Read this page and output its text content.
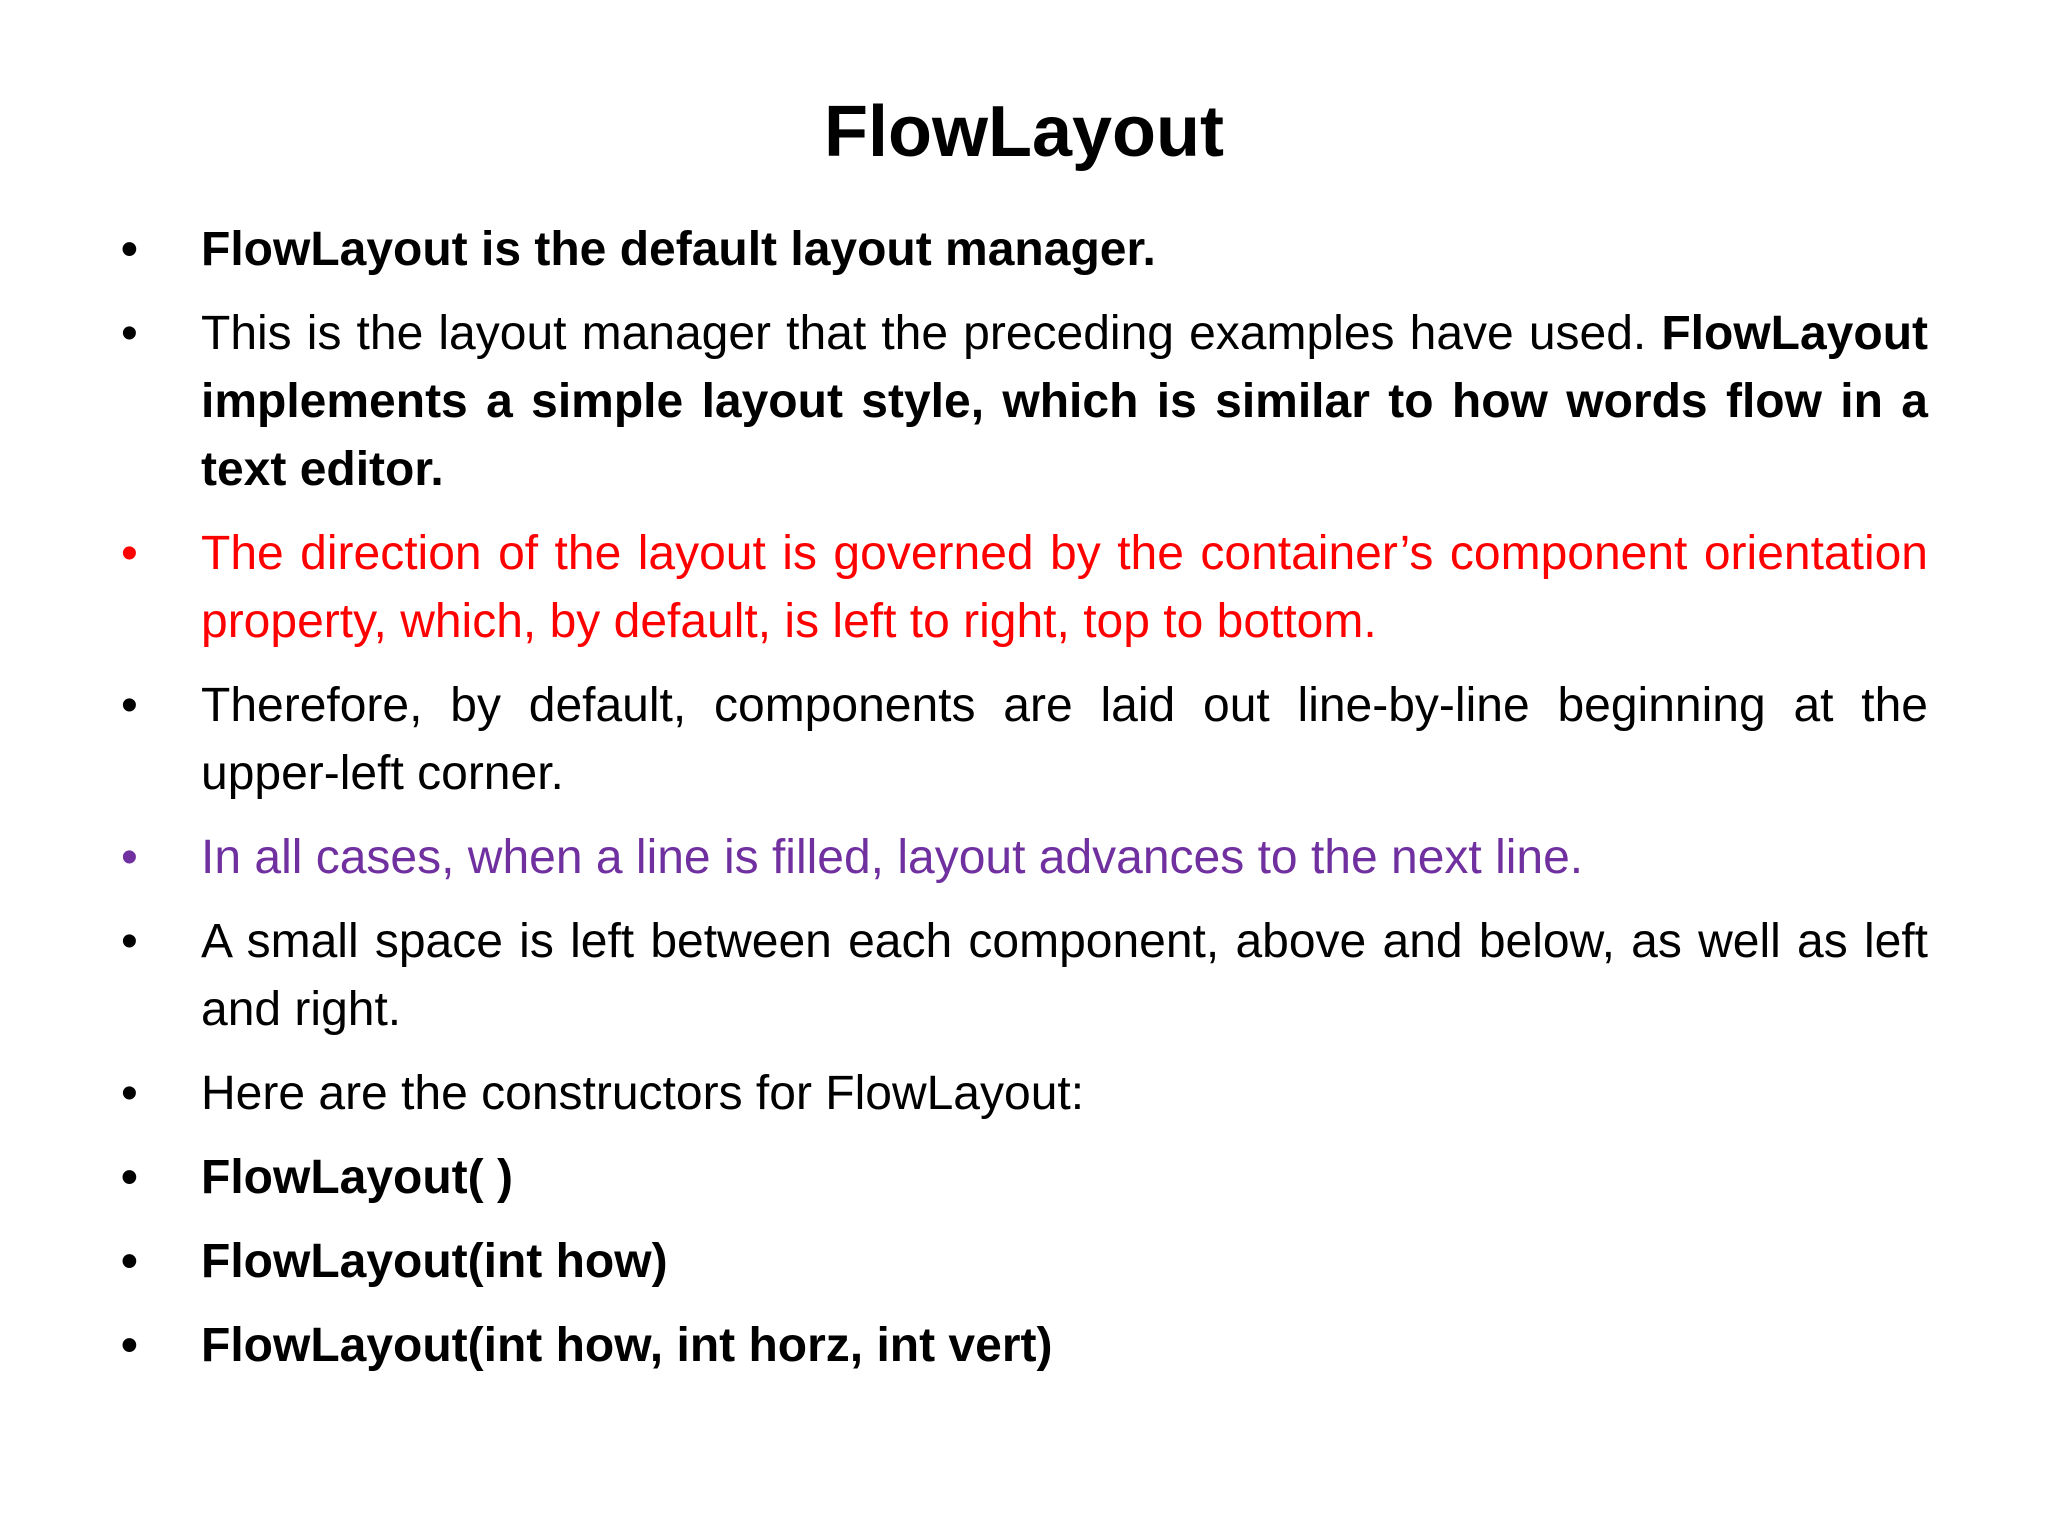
FlowLayout
• FlowLayout is the default layout manager.
• This is the layout manager that the preceding examples have used. FlowLayout implements a simple layout style, which is similar to how words flow in a text editor.
• The direction of the layout is governed by the container’s component orientation property, which, by default, is left to right, top to bottom.
• Therefore, by default, components are laid out line-by-line beginning at the upper-left corner.
• In all cases, when a line is filled, layout advances to the next line.
• A small space is left between each component, above and below, as well as left and right.
• Here are the constructors for FlowLayout:
• FlowLayout( )
• FlowLayout(int how)
• FlowLayout(int how, int horz, int vert)
